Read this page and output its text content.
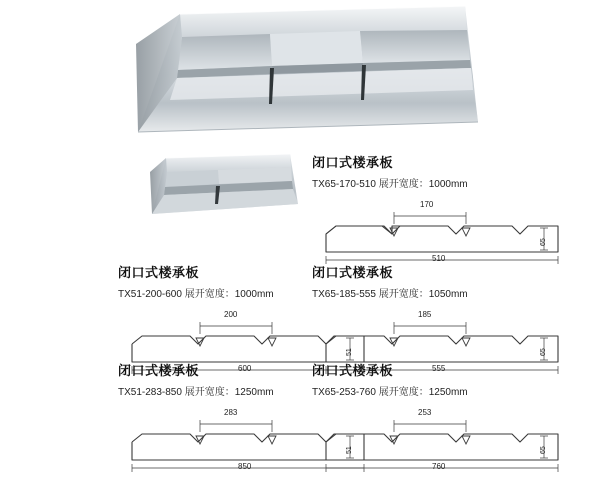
闭口式楼承板
TX65-170-510 展开宽度：1000mm
170
65
510
闭口式楼承板
TX51-200-600 展开宽度：1000mm
200
51
600
闭口式楼承板
TX65-185-555 展开宽度：1050mm
185
65
555
闭口式楼承板
TX51-283-850 展开宽度：1250mm
283
51
850
闭口式楼承板
TX65-253-760 展开宽度：1250mm
253
65
760
